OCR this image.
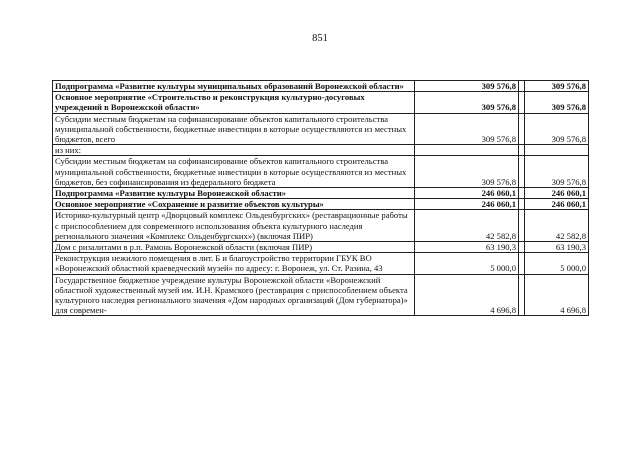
851
Подпрограмма «Развитие культуры муниципальных образований Воронежской области»	309 576,8		309 576,8
Основное мероприятие «Строительство и реконструкция культурно-досуговых учреждений в Воронежской области»	309 576,8		309 576,8
Субсидии местным бюджетам на софинансирование объектов капитального строительства муниципальной собственности, бюджетные инвестиции в которые осуществляются из местных бюджетов, всего	309 576,8		309 576,8
из них:			
Субсидии местным бюджетам на софинансирование объектов капитального строительства муниципальной собственности, бюджетные инвестиции в которые осуществляются из местных бюджетов, без софинансирования из федерального бюджета	309 576,8		309 576,8
Подпрограмма «Развитие культуры Воронежской области»	246 060,1		246 060,1
Основное мероприятие «Сохранение и развитие объектов культуры»	246 060,1		246 060,1
Историко-культурный центр «Дворцовый комплекс Ольденбургских» (реставрационные работы с приспособлением для современного использования объекта культурного наследия регионального значения «Комплекс Ольденбургских») (включая ПИР)	42 582,8		42 582,8
Дом с ризалитами в р.п. Рамонь Воронежской области (включая ПИР)	63 190,3		63 190,3
Реконструкция нежилого помещения в лит. Б и благоустройство территории ГБУК ВО «Воронежский областной краеведческий музей» по адресу: г. Воронеж, ул. Ст. Разина, 43	5 000,0		5 000,0
Государственное бюджетное учреждение культуры Воронежской области «Воронежский областной художественный музей им. И.Н. Крамского (реставрация с приспособлением объекта культурного наследия регионального значения «Дом народных организаций (Дом губернатора)» для современ-	4 696,8		4 696,8
